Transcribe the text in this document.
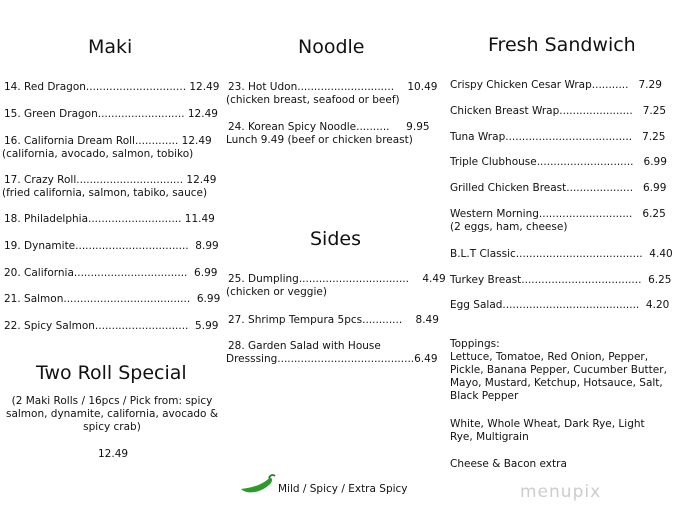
Maki	Noodle	Fresh Sandwich
14. Red Dragon.............................. 12.49
15. Green Dragon.......................... 12.49
16. California Dream Roll............. 12.49
(california, avocado, salmon, tobiko)
17. Crazy Roll................................ 12.49
(fried california, salmon, tabiko, sauce)
18. Philadelphia............................ 11.49
19. Dynamite..................................  8.99
20. California..................................  6.99
21. Salmon......................................  6.99
22. Spicy Salmon............................  5.99
Two Roll Special
(2 Maki Rolls / 16pcs / Pick from: spicy salmon, dynamite, california, avocado & spicy crab)
12.49
23. Hot Udon.............................    10.49
(chicken breast, seafood or beef)
24. Korean Spicy Noodle..........     9.95
Lunch 9.49 (beef or chicken breast)
Sides
25. Dumpling.................................    4.49
(chicken or veggie)
27. Shrimp Tempura 5pcs............    8.49
28. Garden Salad with House
Dresssing.........................................6.49
Mild / Spicy / Extra Spicy
Crispy Chicken Cesar Wrap...........   7.29
Chicken Breast Wrap......................   7.25
Tuna Wrap......................................   7.25
Triple Clubhouse.............................   6.99
Grilled Chicken Breast....................   6.99
Western Morning............................   6.25
(2 eggs, ham, cheese)
B.L.T Classic......................................  4.40
Turkey Breast....................................  6.25
Egg Salad.........................................  4.20
Toppings:
Lettuce, Tomatoe, Red Onion, Pepper, Pickle, Banana Pepper, Cucumber Butter, Mayo, Mustard, Ketchup, Hotsauce, Salt, Black Pepper
White, Whole Wheat, Dark Rye, Light Rye, Multigrain
Cheese & Bacon extra
menupix
